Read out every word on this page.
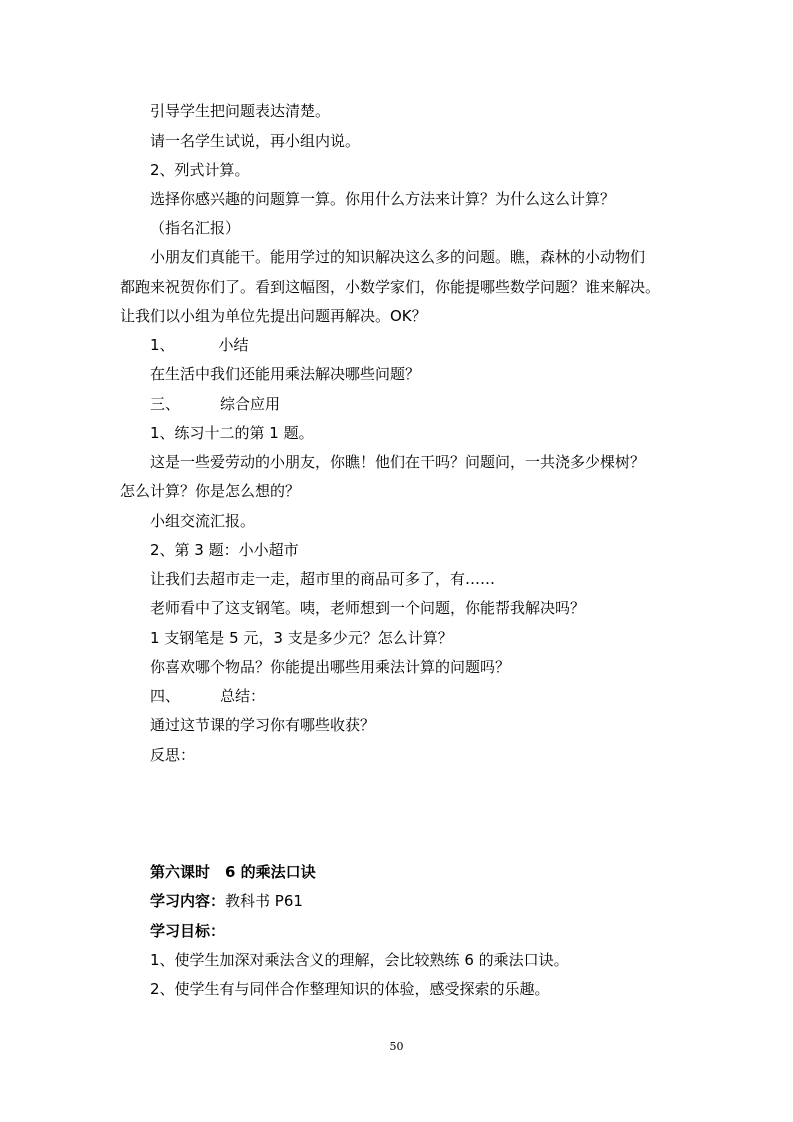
引导学生把问题表达清楚。
请一名学生试说，再小组内说。
2、列式计算。
选择你感兴趣的问题算一算。你用什么方法来计算？为什么这么计算？
（指名汇报）
小朋友们真能干。能用学过的知识解决这么多的问题。瞧，森林的小动物们
都跑来祝贺你们了。看到这幅图，小数学家们，你能提哪些数学问题？谁来解决。
让我们以小组为单位先提出问题再解决。OK？
1、	小结
在生活中我们还能用乘法解决哪些问题？
三、	综合应用
1、练习十二的第 1 题。
这是一些爱劳动的小朋友，你瞧！他们在干吗？问题问，一共浇多少棵树？
怎么计算？你是怎么想的？
小组交流汇报。
2、第 3 题：小小超市
让我们去超市走一走，超市里的商品可多了，有……
老师看中了这支钢笔。咦，老师想到一个问题，你能帮我解决吗？
1 支钢笔是 5 元，3 支是多少元？怎么计算？
你喜欢哪个物品？你能提出哪些用乘法计算的问题吗？
四、	总结：
通过这节课的学习你有哪些收获？
反思：
第六课时　6 的乘法口诀
学习内容：教科书 P61
学习目标：
1、使学生加深对乘法含义的理解，会比较熟练 6 的乘法口诀。
2、使学生有与同伴合作整理知识的体验，感受探索的乐趣。
50
